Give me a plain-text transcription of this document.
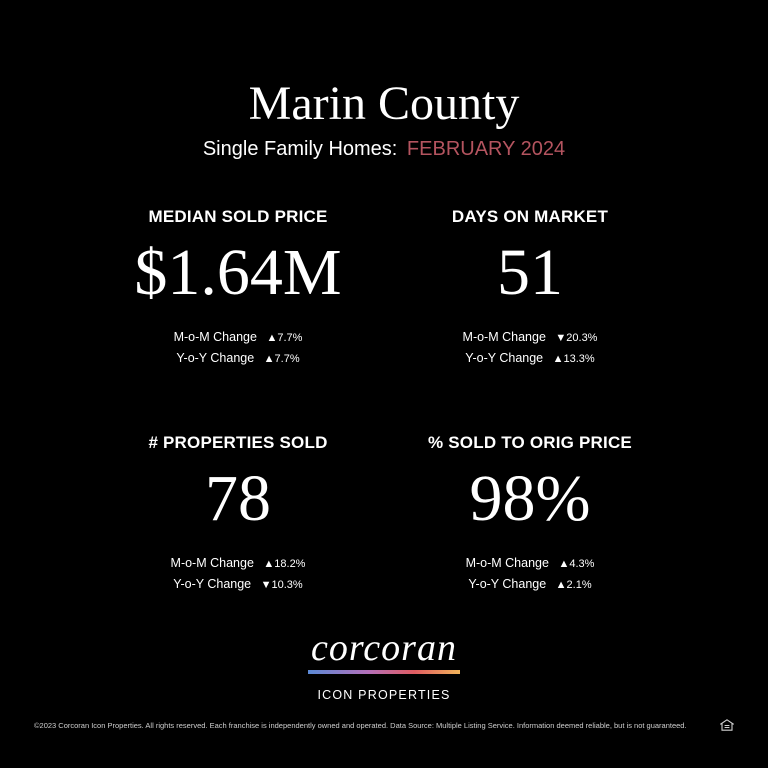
Marin County
Single Family Homes: FEBRUARY 2024
MEDIAN SOLD PRICE
$1.64M
M-o-M Change ▲7.7%
Y-o-Y Change ▲7.7%
DAYS ON MARKET
51
M-o-M Change ▼20.3%
Y-o-Y Change ▲13.3%
# PROPERTIES SOLD
78
M-o-M Change ▲18.2%
Y-o-Y Change ▼10.3%
% SOLD TO ORIG PRICE
98%
M-o-M Change ▲4.3%
Y-o-Y Change ▲2.1%
corcoran
ICON PROPERTIES
©2023 Corcoran Icon Properties. All rights reserved. Each franchise is independently owned and operated. Data Source: Multiple Listing Service. Information deemed reliable, but is not guaranteed.
